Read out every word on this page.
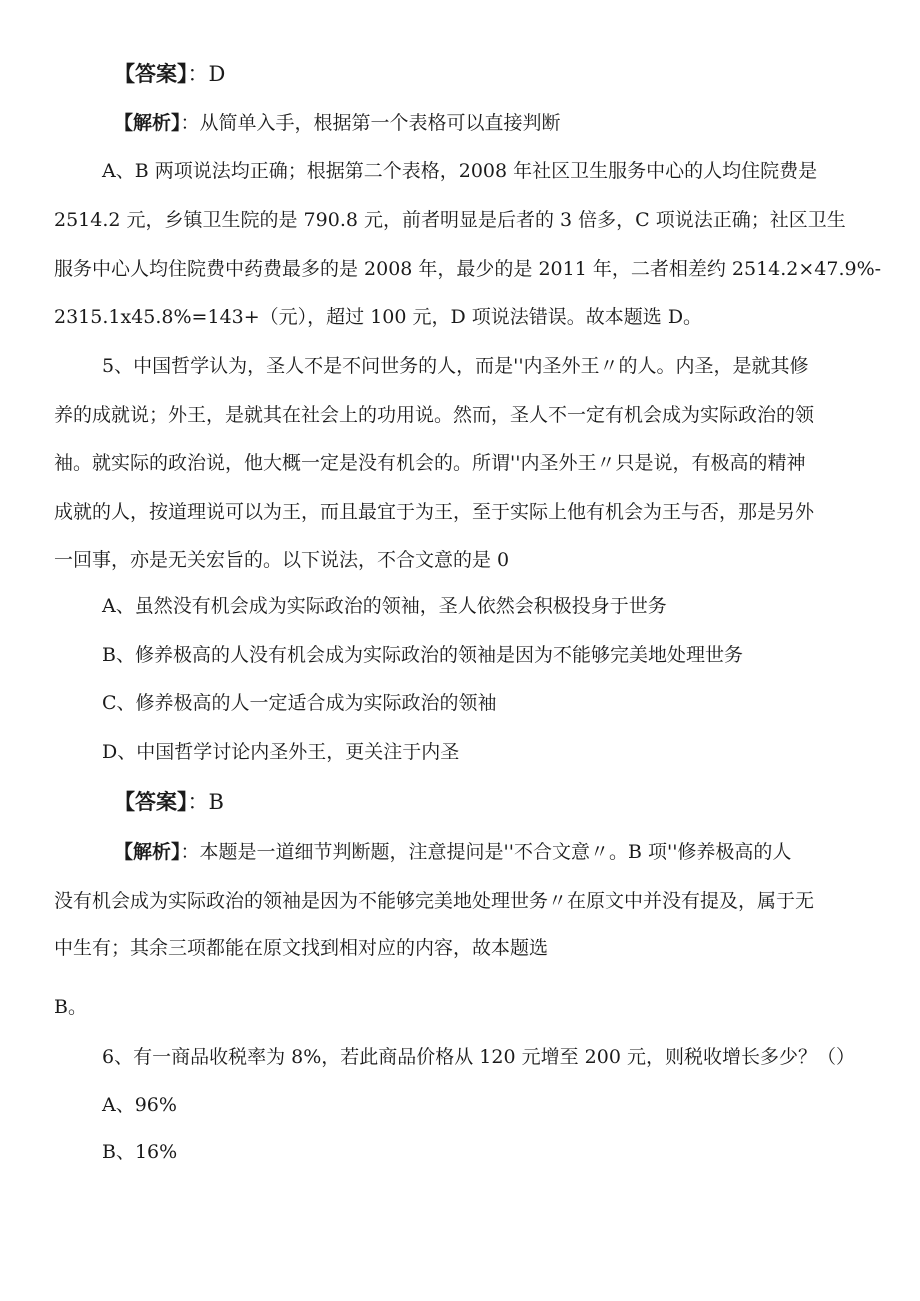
【答案】：D

【解析】：从简单入手，根据第一个表格可以直接判断

A、B 两项说法均正确；根据第二个表格，2008 年社区卫生服务中心的人均住院费是

2514.2 元，乡镇卫生院的是 790.8 元，前者明显是后者的 3 倍多，C 项说法正确；社区卫生

服务中心人均住院费中药费最多的是 2008 年，最少的是 2011 年，二者相差约 2514.2×47.9%-

2315.1x45.8%=143+（元），超过 100 元，D 项说法错误。故本题选 D。

5、中国哲学认为，圣人不是不问世务的人，而是''内圣外王〃的人。内圣，是就其修

养的成就说；外王，是就其在社会上的功用说。然而，圣人不一定有机会成为实际政治的领

袖。就实际的政治说，他大概一定是没有机会的。所谓''内圣外王〃只是说，有极高的精神

成就的人，按道理说可以为王，而且最宜于为王，至于实际上他有机会为王与否，那是另外

一回事，亦是无关宏旨的。以下说法，不合文意的是 0

A、虽然没有机会成为实际政治的领袖，圣人依然会积极投身于世务

B、修养极高的人没有机会成为实际政治的领袖是因为不能够完美地处理世务

C、修养极高的人一定适合成为实际政治的领袖

D、中国哲学讨论内圣外王，更关注于内圣

【答案】：B

【解析】：本题是一道细节判断题，注意提问是''不合文意〃。B 项''修养极高的人

没有机会成为实际政治的领袖是因为不能够完美地处理世务〃在原文中并没有提及，属于无

中生有；其余三项都能在原文找到相对应的内容，故本题选

B。

6、有一商品收税率为 8%，若此商品价格从 120 元增至 200 元，则税收增长多少？（）

A、96%

B、16%
